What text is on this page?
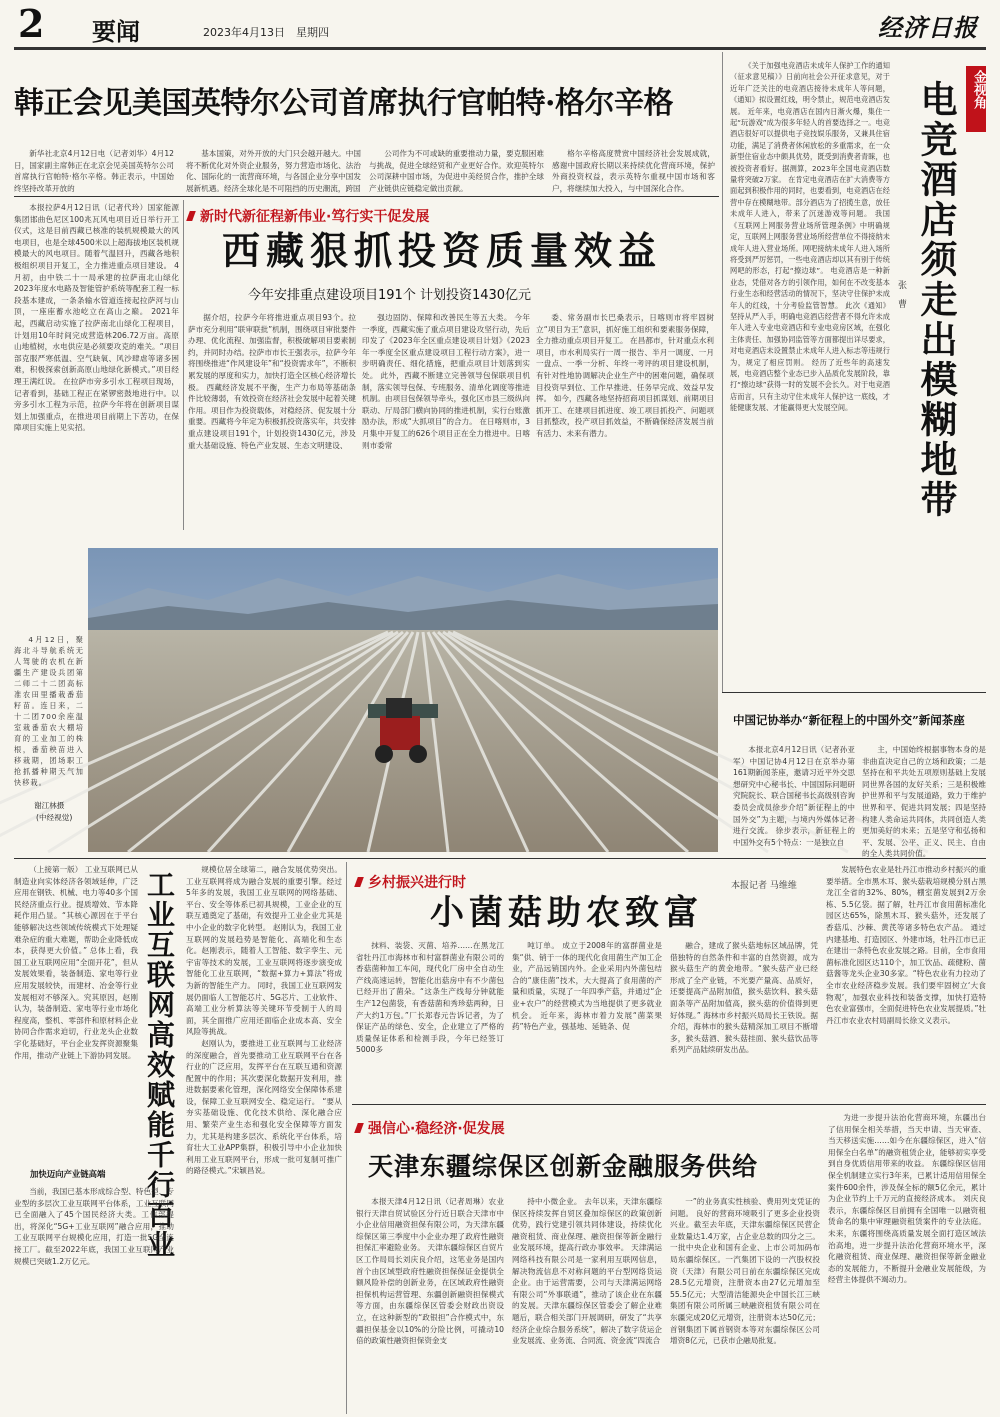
2 要闻	2023年4月13日 星期四	经济日报
韩正会见美国英特尔公司首席执行官帕特·格尔辛格

新华社北京4月12日电（记者刘华）4月12日，国家副主席韩正在北京会见美国英特尔公司首席执行官帕特·格尔辛格。韩正表示，中国始终坚持改革开放的

基本国策，对外开放的大门只会越开越大。中国将不断优化对外资企业服务，努力营造市场化、法治化、国际化的一流营商环境，与各国企业分享中国发展新机遇。经济全球化是不可阻挡的历史潮流，跨国

公司作为不可或缺的重要推动力量，要克服困难与挑战，促进全球经贸和产业更好合作。欢迎英特尔公司深耕中国市场，为促进中美经贸合作，推护全球产业链供应链稳定做出贡献。

格尔辛格高度赞赏中国经济社会发展成就，感谢中国政府长期以来持续优化营商环境，保护外商投资权益，表示英特尔重视中国市场和客户，将继续加大投入，与中国深化合作。

本报拉萨4月12日讯（记者代玲）国家能源集团邯曲色尼区100兆瓦风电项目近日举行开工仪式，这是目前西藏已核准的装机规模最大的风电项目，也是全球4500米以上超海拔地区装机规模最大的风电项目。随着气温回升，西藏各地积极组织项目开复工，全力推进重点项目建设。 4月初，由中铁二十一局承建的拉萨南北山绿化2023年度水电路及智能管护系统等配套工程一标段基本建成，一条条输水管道连接起拉萨河与山顶，一座座蓄水池屹立在高山之巅。 2021年起，西藏启动实施了拉萨南北山绿化工程项目，计划用10年时间完成营造林206.72万亩。高原山地植树，水电供应是必须要攻克的难关。“项目部克服严寒低温、空气缺氧、风沙肆虐等诸多困难，积极探索创新高原山地绿化新模式。”项目经理王满红说。 在拉萨市旁多引水工程项目现场，记者看到，基础工程正在紧锣密鼓地进行中。以旁多引水工程为示范，拉萨今年将在创新项目谋划上加强重点，在推进项目前期上下苦功，在保障项目实施上见实招。

新时代新征程新伟业·笃行实干促发展
西藏狠抓投资质量效益
今年安排重点建设项目191个 计划投资1430亿元

据介绍，拉萨今年将推进重点项目93个。拉萨市充分利用“联审联批”机制，围绕项目审批要件办理、优化流程、加强监督，积极破解项目要素制约，并同时办结。拉萨市市长王强表示，拉萨今年将围绕推进“作风建设年”和“投资需求年”，不断积累发展的厚度和实力，加快打造全区核心经济增长极。 西藏经济发展不平衡，生产力布局等基础条件比较薄弱，有效投资在经济社会发展中起着关键作用。项目作为投资载体，对稳经济、促发展十分重要。西藏将今年定为积极抓投资落实年，共安排重点建设项目191个，计划投资1430亿元，涉及重大基础设施、特色产业发展、生态文明建设、

强边固防、保障和改善民生等五大类。 今年一季度，西藏实施了重点项目建设攻坚行动，先后印发了《2023年全区重点建设项目计划》《2023年一季度全区重点建设项目工程行动方案》，进一步明确责任、细化措施，把重点项目计划落到实处。 此外，西藏不断建立完善领导包保联项目机制，落实领导包保、专班服务、清单化调度等推进机制。由项目包保领导牵头，强化区市县三级纵向联动、厅局部门横向协同的推进机制，实行台账激励办法，形成“大抓项目”的合力。 在日喀则市，3月集中开复工的626个项目正在全力推进中。日喀则市委常

委、常务副市长巴桑表示，日喀则市将牢固树立“项目为王”意识，抓好施工组织和要素服务保障，全力推动重点项目开复工。 在昌都市，针对重点水利项目，市水利局实行一周一报告、半月一调度、一月一盘点、一季一分析、年终一考评的项目建设机制，有针对性地协调解决企业生产中的困难问题，确保项目投资早到位、工作早推进、任务早完成、效益早发挥。 如今，西藏各地坚持招商项目抓谋划、前期项目抓开工、在建项目抓进度、竣工项目抓投产、问题项目抓整改，投产项目抓效益，不断确保经济发展当前有活力、未来有潜力。

4月12日，聚海北斗导航系统无人驾驶的农机在新疆生产建设兵团第二师二十二团高标准农田里播栽番茄籽苗。连日来，二十二团700余座温室栽番茄农大棚培育的工业加工的株根，番茄秧苗进入移栽期，团场职工抢抓播种期天气加快移栽。

谢江林摄
(中经视觉)
金视角
电竞酒店须走出模糊地带
张 曹

《关于加强电竞酒店未成年人保护工作的通知（征求意见稿）》日前向社会公开征求意见，对于近年广泛关注的电竞酒店接待未成年人等问题，《通知》拟设置红线，明令禁止，规范电竞酒店发展。 近年来，电竞酒店在国内日渐火爆，集住一起“玩游戏”成为很多年轻人的首要选择之一。电竞酒店很好可以提供电子竞技娱乐服务，又兼具住宿功能，满足了消费者休闲放松的多重需求，在一众新型住宿业态中颇具优势，既受到消费者青睐，也被投资者看好。据测算，2023年全国电竞酒店数量将突破2万家。 在肯定电竞酒店在扩大消费等方面起到积极作用的同时，也要看到，电竞酒店在经营中存在模糊地带。部分酒店为了招揽生意，放任未成年人进入，带来了沉迷游戏等问题。 我国《互联网上网服务营业场所管理条例》中明确规定，互联网上网服务营业场所经营单位不得接纳未成年人进入营业场所。网吧接纳未成年人进入场所将受到严厉惩罚，一些电竞酒店却以其有别于传统网吧的形态，打起“擦边球”。 电竞酒店是一种新业态，凭借对各方的引领作用，如何在不改变基本行业生态和经营活动的情况下，坚决守住保护未成年人的红线，十分考验监管智慧。 此次《通知》坚持从严入手，明确电竞酒店经营者不得允许未成年人进入专业电竞酒店和专业电竞房区域，在强化主体责任、加强协同监管等方面都提出详尽要求，对电竞酒店未设置禁止未成年人进入标志等违规行为，规定了相应罚则。 经历了近些年的高速发展，电竞酒店整个业态已步入品质化发展阶段，靠打“擦边球”获得一时的发展不会长久。对于电竞酒店而言，只有主动守住未成年人保护这一底线，才能健康发展、才能赢得更大发展空间。

中国记协举办“新征程上的中国外交”新闻茶座

本报北京4月12日讯（记者孙亚军）中国记协4月12日在京举办第161期新闻茶座，邀请习近平外交思想研究中心秘书长、中国国际问题研究院院长、联合国秘书长高级别咨询委员会成员徐步介绍“新征程上的中国外交”为主题，与境内外媒体记者进行交流。 徐步表示，新征程上的中国外交有5个特点：一是独立自

主，中国始终根据事物本身的是非曲直决定自己的立场和政策；二是坚持在和平共处五项原则基础上发展同世界各国的友好关系；三是积极维护世界和平与发展道路，致力于维护世界和平、促进共同发展；四是坚持构建人类命运共同体，共同创造人类更加美好的未来；五是坚守和弘扬和平、发展、公平、正义、民主、自由的全人类共同价值。

（上接第一版） 工业互联网已从制造业向实体经济各领域延伸，广泛应用在钢铁、机械、电力等40多个国民经济重点行业。提质增效、节本降耗作用凸显。“其核心源因在于平台能够解决这些领域传统模式下处理疑难杂症的重大难题，帮助企业降低成本，获得更大价值。” 总体上看，我国工业互联网应用“全面开花”，但从发展效果看，装备制造、家电等行业应用发展较快，而建材、冶金等行业发展相对不够深入。究其原因，赵刚认为，装备制造、家电等行业市场化程度高，整机、零部件和原材料企业协同合作需求迫切，行业龙头企业数字化基础好，平台企业发挥资源聚集作用，推动产业链上下游协同发展。 工业互联网高效赋能千行百业
加快迈向产业链高端

当前，我国已基本形成综合型、特色型、专业型的多层次工业互联网平台体系，工业互联网已全面融入了45个国民经济大类。工信部提出，将深化“5G+工业互联网”融合应用，推动工业互联网平台规模化应用，打造一批5G全连接工厂。截至2022年底，我国工业互联网产业规模已突破1.2万亿元。

规模位居全球第二，融合发展优势突出。工业互联网将成为融合发展的重要引擎。经过5年多的发展，我国工业互联网的网络基础、平台、安全等体系已初具规模，工业企业的互联互通奠定了基础，有效提升工业企业尤其是中小企业的数字化转型。 赵刚认为，我国工业互联网的发展趋势是智能化、高端化和生态化。赵刚表示，随着人工智能、数字孪生、元宇宙等技术的发展，工业互联网将逐步演变成智能化工业互联网，“数据+算力+算法”将成为新的智能生产力。 同时，我国工业互联网发展仍面临人工智能芯片、5G芯片、工业软件、高端工业分析算法等关键环节受制于人的局面，其全面推广应用还面临企业成本高、安全风险等挑战。

赵刚认为，要推进工业互联网与工业经济的深度融合，首先要推动工业互联网平台在各行业的广泛应用，发挥平台在互联互通和资源配置中的作用；其次要深化数据开发利用，推进数据要素化管理，深化网络安全保障体系建设，保障工业互联网安全、稳定运行。 “要从夯实基础设施、优化技术供给、深化融合应用、繁荣产业生态和强化安全保障等方面发力，尤其是构建多层次、系统化平台体系，培育壮大工业APP集群，积极引导中小企业加快利用工业互联网平台，形成一批可复制可推广的路径模式。”宋颖昌说。

乡村振兴进行时	本报记者 马维维
小菌菇助农致富

抹料、装袋、灭菌、培养……在黑龙江省牡丹江市海林市和村富群菌业有限公司的香菇菌种加工车间，现代化厂房中全自动生产线高速运转，智能化出菇房中有不少菌包已经开出了菌朵。“这条生产线每分钟就能生产12包菌袋，有香菇菌和秀珍菇两种，日产大约1万包。”厂长郑春元告诉记者，为了保证产品的绿色、安全，企业建立了严格的质量保证体系和检测手段，今年已经签订5000多

吨订单。 成立于2008年的富群菌业是集“供、销于一体的现代化食用菌生产加工企业，产品远销国内外。企业采用内外菌包结合的“康佳菌”技术，大大提高了食用菌的产量和质量，实现了一年四季产菇，并通过“企业+农户”的经营模式为当地提供了更多就业机会。 近年来，海林市着力发展“菌菜果药”特色产业，强基地、延链条、促

融合，建成了猴头菇地标区域品牌，凭借独特的自然条件和丰富的自然资源，成为猴头菇生产的黄金地带。“猴头菇产业已经形成了全产业链，不光要产量高、品质好，还要提高产品附加值，猴头菇饮料、猴头菇面条等产品附加值高，猴头菇的价值得到更好体现。” 海林市乡村振兴局局长王铁说。据介绍，海林市的猴头菇精深加工项目不断增多，猴头菇酒、猴头菇挂面、猴头菇饮品等系列产品陆续研发出品。

发展特色农业是牡丹江市推动乡村振兴的重要举措。全市黑木耳、猴头菇栽培规模分别占黑龙江全省的32%、80%，棚室菌发展到2万余栋、5.5亿袋。据了解，牡丹江市食用菌标准化园区达65%，除黑木耳、猴头菇外，还发展了香菇瓜、沙棘、黄芪等诸多特色农产品。 通过内建基地、打造园区、外建市场，牡丹江市已正在建出一条特色农业发展之路。目前，全市食用菌标准化园区达110个，加工饮品、疏健粉、菌菇酱等龙头企业30多家。“特色农业有力拉动了全市农业经济稳步发展。我们要牢固树立‘大食物观’，加强农业科技和装备支撑，加快打造特色农业富强市，全面促进特色农业发展提质。”牡丹江市农业农村局副局长徐文义表示。

强信心·稳经济·促发展
天津东疆综保区创新金融服务供给

本报天津4月12日讯（记者周琳）农业银行天津自贸试验区分行近日联合天津市中小企业信用融资担保有限公司，为天津东疆综保区第三季度中小企业办理了政府性融资担保汇率避险业务。 天津东疆综保区自贸片区工作局局长刘庆良介绍，这笔业务是国内首个由区域型政府性融资担保保证金提供全额风险补偿的创新业务，在区域政府性融资担保机构运营管理、东疆创新融资担保模式等方面，由东疆综保区管委会财政出资设立，在这种新型的“政银担”合作模式中，东疆担保基金以10%的分险比例，可撬动10倍的政策性融资担保资金支

持中小微企业。 去年以来，天津东疆综保区持续发挥自贸区叠加综保区的政策创新优势，践行党建引领共同体建设，持续优化融资租赁、商业保理、融资担保等新金融行业发展环境，提高行政办事效率。 天津满运网络科技有限公司是一家利用互联网信息，解决物流信息不对称问题的平台型网络货运企业。由于运营需要，公司与天津满运网络有限公司“外事联通”，推动了该企业在东疆的发展。天津东疆综保区管委会了解企业难题后，联合相关部门开展调研，研发了“共享经济企业综合服务系统”，解决了数字货运企业发展流、业务流、合同流、资金流“四流合

一”的业务真实性核验、费用列支凭证的问题。 良好的营商环境吸引了更多企业投资兴业。截至去年底，天津东疆综保区民营企业数量达1.4万家，占企业总数的四分之三。 一批中央企业和国有企业、上市公司加码布局东疆综保区。一汽集团下设的一汽股权投资（天津）有限公司日前在东疆综保区完成28.5亿元增资，注册资本由27亿元增加至55.5亿元；大型清洁能源央企中国长江三峡集团有限公司所属三峡融资租赁有限公司在东疆完成20亿元增资，注册资本达50亿元；首钢集团下属首钢资本等对东疆综保区公司增资8亿元，已获市企融局批复。

为进一步提升法治化营商环境，东疆出台了信用保全相关举措，当天申请、当天审查、当天移送实施……如今在东疆综保区，进入“信用保全白名单”的融资租赁企业，能够初实享受到自身优质信用带来的收益。 东疆综保区信用保全机制建立实行3年来，已累计适用信用保全案件600余件，涉及保全标的额5亿余元，累计为企业节约上千万元的直接经济成本。 刘庆良表示，东疆综保区目前拥有全国唯一以融资租赁命名的集中审理融资租赁案件的专业法庭。未来，东疆将围绕高质量发展全面打造区域法治高地，进一步提升法治化营商环境水平，深化融资租赁、商业保理、融资担保等新金融业态的发展能力，不断提升金融业发展能级，为经营主体提供不竭动力。
